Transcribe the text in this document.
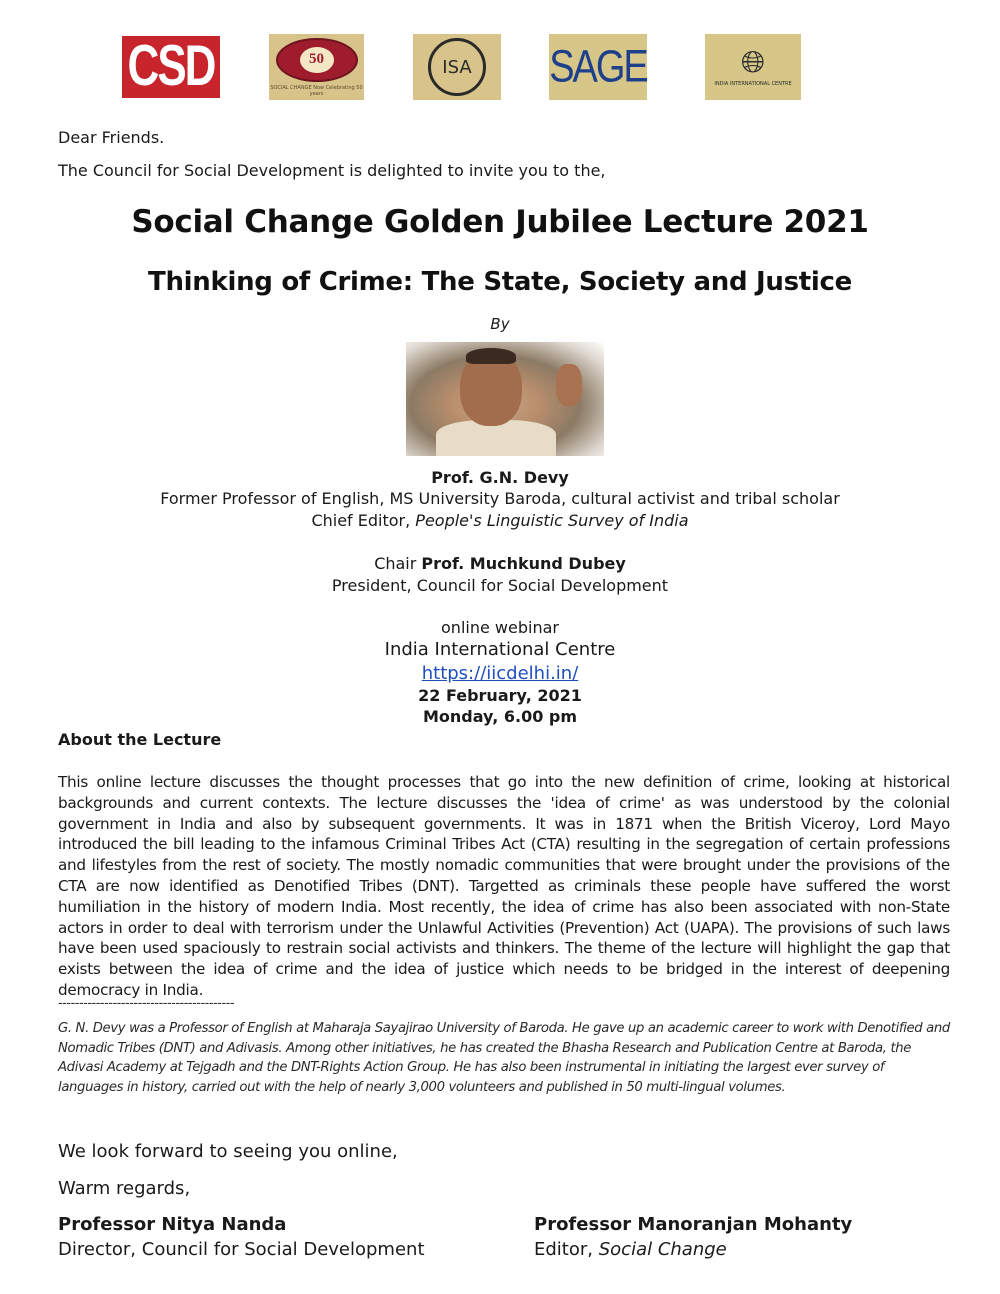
CSD	50
SOCIAL CHANGE Now Celebrating 50 years
ISA SAGE	🌐︎
INDIA INTERNATIONAL CENTRE
Dear Friends.
The Council for Social Development is delighted to invite you to the,
Social Change Golden Jubilee Lecture 2021
Thinking of Crime: The State, Society and Justice
By
Prof. G.N. Devy
Former Professor of English, MS University Baroda, cultural activist and tribal scholar
Chief Editor, People's Linguistic Survey of India
Chair Prof. Muchkund Dubey
President, Council for Social Development
online webinar
India International Centre
https://iicdelhi.in/
22 February, 2021
Monday, 6.00 pm
About the Lecture
This online lecture discusses the thought processes that go into the new definition of crime, looking at historical backgrounds and current contexts. The lecture discusses the 'idea of crime' as was understood by the colonial government in India and also by subsequent governments. It was in 1871 when the British Viceroy, Lord Mayo introduced the bill leading to the infamous Criminal Tribes Act (CTA) resulting in the segregation of certain professions and lifestyles from the rest of society. The mostly nomadic communities that were brought under the provisions of the CTA are now identified as Denotified Tribes (DNT). Targetted as criminals these people have suffered the worst humiliation in the history of modern India. Most recently, the idea of crime has also been associated with non-State actors in order to deal with terrorism under the Unlawful Activities (Prevention) Act (UAPA). The provisions of such laws have been used spaciously to restrain social activists and thinkers. The theme of the lecture will highlight the gap that exists between the idea of crime and the idea of justice which needs to be bridged in the interest of deepening democracy in India.
------------------------------------------
G. N. Devy was a Professor of English at Maharaja Sayajirao University of Baroda. He gave up an academic career to work with Denotified and Nomadic Tribes (DNT) and Adivasis. Among other initiatives, he has created the Bhasha Research and Publication Centre at Baroda, the Adivasi Academy at Tejgadh and the DNT-Rights Action Group. He has also been instrumental in initiating the largest ever survey of languages in history, carried out with the help of nearly 3,000 volunteers and published in 50 multi-lingual volumes.
We look forward to seeing you online,
Warm regards,
Professor Nitya Nanda
Director, Council for Social Development
Professor Manoranjan Mohanty
Editor, Social Change
